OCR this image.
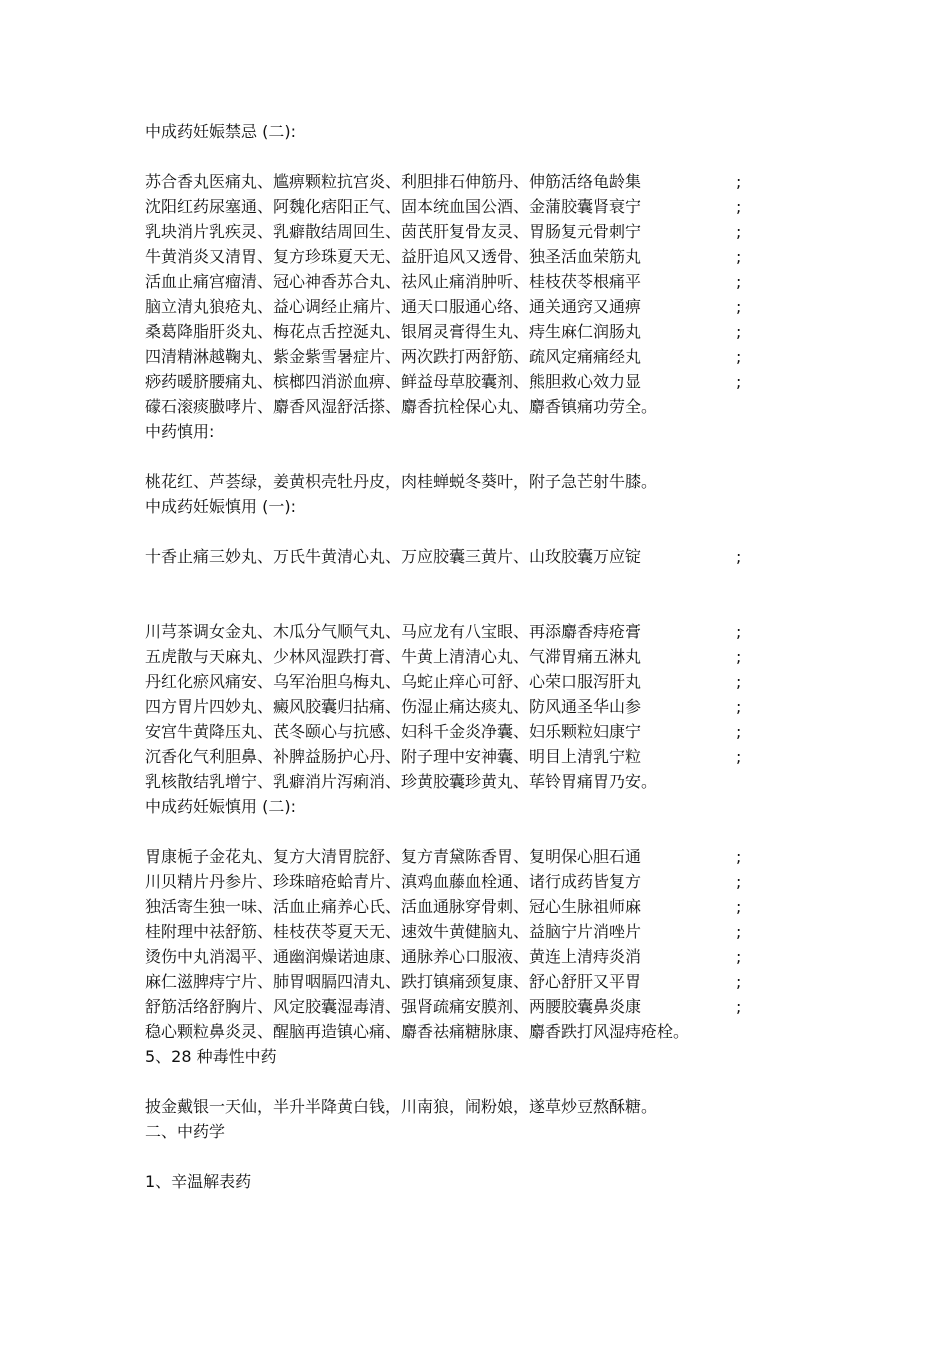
中成药妊娠禁忌 (二):
苏合香丸医痛丸、尴痹颗粒抗宫炎、利胆排石伸筋丹、伸筋活络龟龄集	;
沈阳红药尿塞通、阿魏化痞阳正气、固本统血国公酒、金蒲胶囊肾衰宁	;
乳块消片乳疾灵、乳癖散结周回生、茵芪肝复骨友灵、胃肠复元骨刺宁	;
牛黄消炎又清胃、复方珍珠夏天无、益肝追风又透骨、独圣活血荣筋丸	;
活血止痛宫瘤清、冠心神香苏合丸、祛风止痛消肿听、桂枝茯苓根痛平	;
脑立清丸狼疮丸、益心调经止痛片、通天口服通心络、通关通窍又通痹	;
桑葛降脂肝炎丸、梅花点舌控涎丸、银屑灵膏得生丸、痔生麻仁润肠丸	;
四清精淋越鞠丸、紫金紫雪暑症片、两次跌打两舒筋、疏风定痛痛经丸	;
痧药暖脐腰痛丸、槟榔四消淤血痹、鲜益母草胶囊剂、熊胆救心效力显	;
礞石滚痰臌哮片、麝香风湿舒活搽、麝香抗栓保心丸、麝香镇痛功劳全。
中药慎用:
桃花红、芦荟绿，姜黄枳壳牡丹皮，肉桂蝉蜕冬葵叶，附子急芒射牛膝。
中成药妊娠慎用 (一):
十香止痛三妙丸、万氏牛黄清心丸、万应胶囊三黄片、山玫胶囊万应锭	;
川芎茶调女金丸、木瓜分气顺气丸、马应龙有八宝眼、再添麝香痔疮膏	;
五虎散与天麻丸、少林风湿跌打膏、牛黄上清清心丸、气滞胃痛五淋丸	;
丹红化瘀风痛安、乌军治胆乌梅丸、乌蛇止痒心可舒、心荣口服泻肝丸	;
四方胃片四妙丸、癜风胶囊归拈痛、伤湿止痛达痰丸、防风通圣华山参	;
安宫牛黄降压丸、芪冬颐心与抗感、妇科千金炎净囊、妇乐颗粒妇康宁	;
沉香化气利胆鼻、补脾益肠护心丹、附子理中安神囊、明目上清乳宁粒	;
乳核散结乳增宁、乳癖消片泻痢消、珍黄胶囊珍黄丸、荜铃胃痛胃乃安。
中成药妊娠慎用 (二):
胃康栀子金花丸、复方大清胃脘舒、复方青黛陈香胃、复明保心胆石通	;
川贝精片丹参片、珍珠暗疮蛤青片、滇鸡血藤血栓通、诸行成药皆复方	;
独活寄生独一味、活血止痛养心氏、活血通脉穿骨刺、冠心生脉祖师麻	;
桂附理中祛舒筋、桂枝茯苓夏天无、速效牛黄健脑丸、益脑宁片消唑片	;
烫伤中丸消渴平、通幽润燥诺迪康、通脉养心口服液、黄连上清痔炎消	;
麻仁滋脾痔宁片、肺胃咽膈四清丸、跌打镇痛颈复康、舒心舒肝又平胃	;
舒筋活络舒胸片、风定胶囊湿毒清、强肾疏痛安膜剂、两腰胶囊鼻炎康	;
稳心颗粒鼻炎灵、醒脑再造镇心痛、麝香祛痛糖脉康、麝香跌打风湿痔疮栓。
5、28 种毒性中药
披金戴银一天仙，半升半降黄白钱，川南狼，闹粉娘，遂草炒豆熬酥糖。
二、中药学
1、辛温解表药
